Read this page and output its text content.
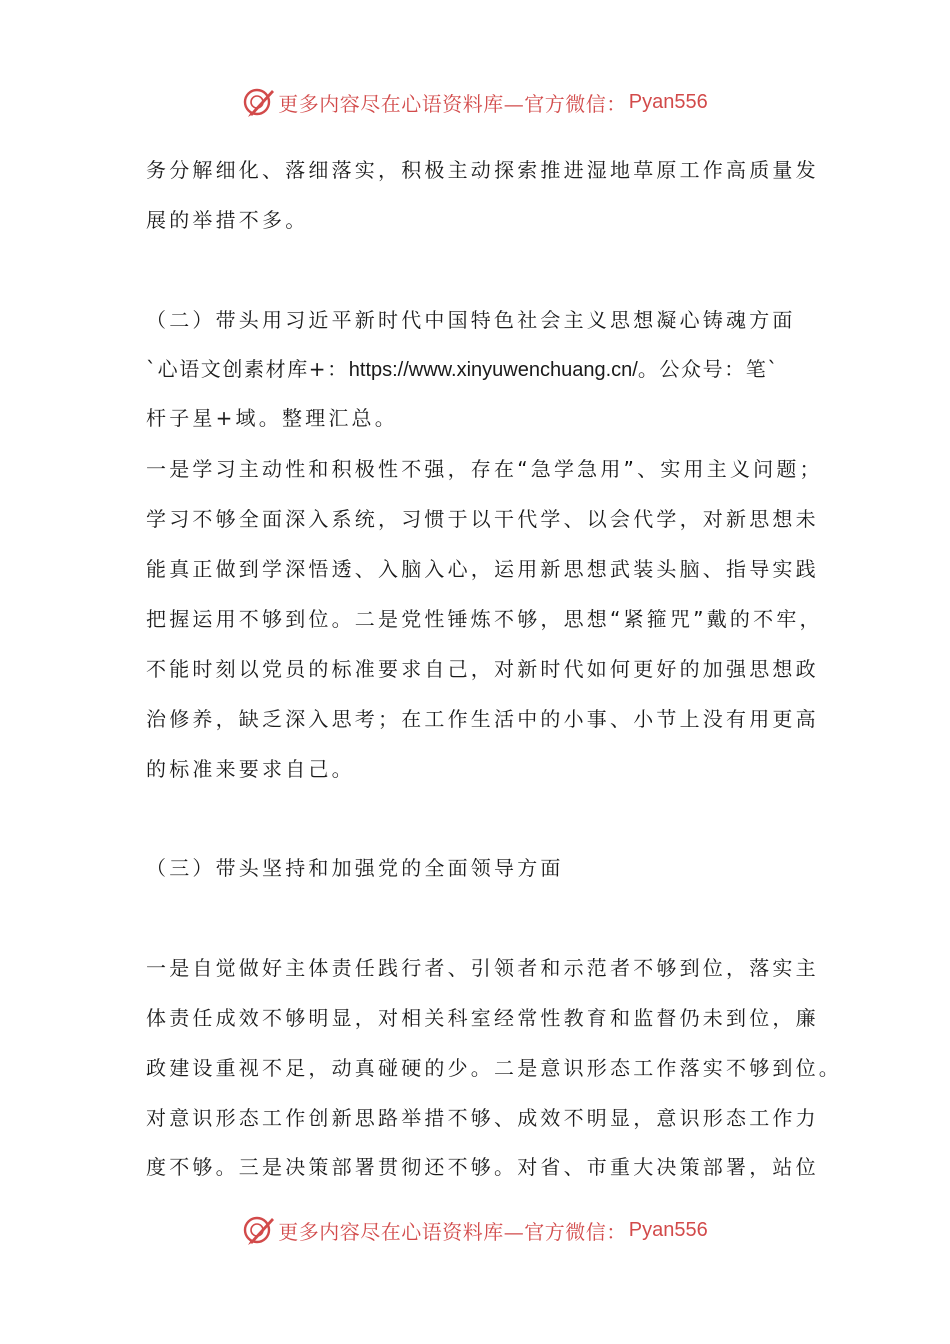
更多内容尽在心语资料库—官方微信： Pyan556
务分解细化、落细落实，积极主动探索推进湿地草原工作高质量发
展的举措不多。
（二）带头用习近平新时代中国特色社会主义思想凝心铸魂方面
`心语文创素材库+：https://www.xinyuwenchuang.cn/。公众号：笔`
杆子星+域。整理汇总。
一是学习主动性和积极性不强，存在“急学急用”、实用主义问题；
学习不够全面深入系统，习惯于以干代学、以会代学，对新思想未
能真正做到学深悟透、入脑入心，运用新思想武装头脑、指导实践
把握运用不够到位。二是党性锤炼不够，思想“紧箍咒”戴的不牢，
不能时刻以党员的标准要求自己，对新时代如何更好的加强思想政
治修养，缺乏深入思考；在工作生活中的小事、小节上没有用更高
的标准来要求自己。
（三）带头坚持和加强党的全面领导方面
一是自觉做好主体责任践行者、引领者和示范者不够到位，落实主
体责任成效不够明显，对相关科室经常性教育和监督仍未到位，廉
政建设重视不足，动真碰硬的少。二是意识形态工作落实不够到位。
对意识形态工作创新思路举措不够、成效不明显，意识形态工作力
度不够。三是决策部署贯彻还不够。对省、市重大决策部署，站位
更多内容尽在心语资料库—官方微信： Pyan556
